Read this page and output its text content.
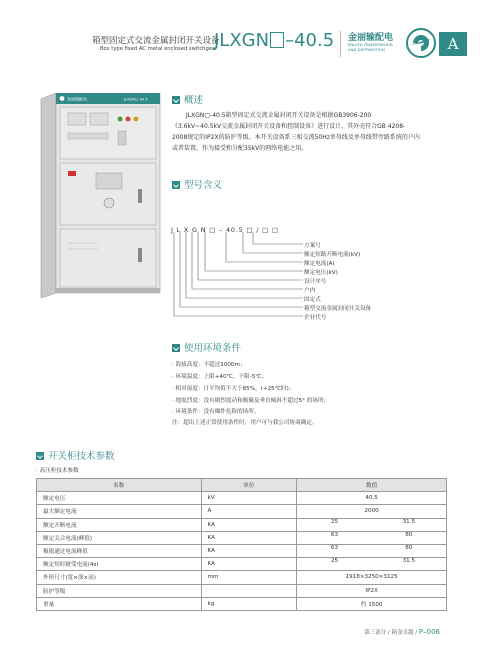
箱型固定式交流金属封闭开关设备
Box type fixed AC metal enclosed switchgear
JLXGN –40.5 金丽输配电
JINLIGYI TRANSMISSION
AND DISTRIBUTION	A
金丽输配电	JLXGN□-40.5	概述
JLXGN□-40.5箱型固定式交流金属封闭开关设备是根据GB3906-200
《3.6kV~40.5kV交流金属封闭开关设备和控制设备》进行设计，其外壳符合GB 4208-
2008规定的IP2X的防护等级。本开关设备系三相交流50Hz单母线及单母线带旁路系统的户内
或者装置，作为接受和分配35kV的网络电能之用。
型号含义
J L X G N □ – 40.5 □ / □ □
方案号
额定短路开断电流(kV)
额定电流(A)
额定电压(kV)
设计序号
户内
固定式
箱型交流金属封闭开关设备
企业代号
使用环境条件
· 海拔高度：不超过1000m；
· 环境温度：上限+40℃，下限-5℃；
· 相对湿度：日平均值不大于85%，(+25℃时)；
· 地震烈度：没有剧烈震动和颠簸及垂直倾斜不超过5° 的场所；
· 环境条件：没有爆炸危险的场所。
注：超出上述正常使用条件时，用户可与我公司协商确定。
开关柜技术参数
· 高压柜技术参数
名称	单位	数值
额定电压	kV	40.5
最大额定电流	A	2000
额定开断电流	KA	25 31.5

额定关合电流(峰值)	KA	63 80

极限通过电流峰值	KA	63 80

额定短时耐受电流(4s)	KA	25 31.5

外形尺寸(宽×深×高)	mm	1918×3250×3125
防护等级		IP2X
重量	kg	约 1500
第三部分 / 箱变卓越 / P–006
